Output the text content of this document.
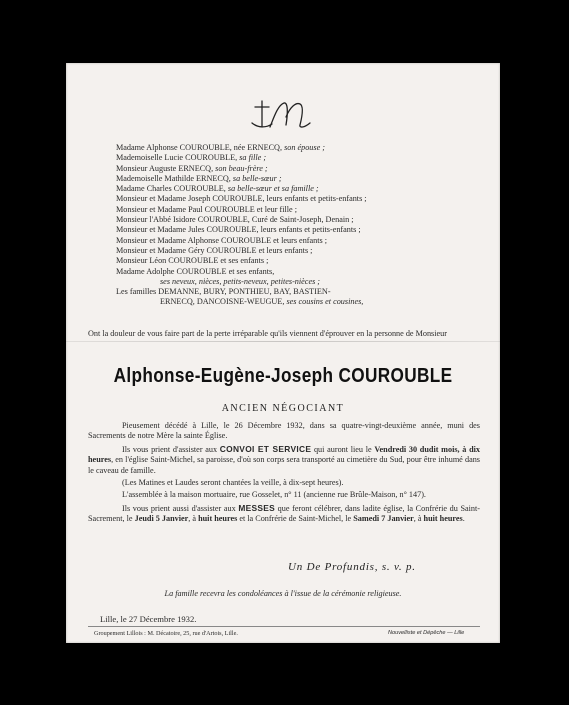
Madame Alphonse COUROUBLE, née ERNECQ, son épouse ;
Mademoiselle Lucie COUROUBLE, sa fille ;
Monsieur Auguste ERNECQ, son beau-frère ;
Mademoiselle Mathilde ERNECQ, sa belle-sœur ;
Madame Charles COUROUBLE, sa belle-sœur et sa famille ;
Monsieur et Madame Joseph COUROUBLE, leurs enfants et petits-enfants ;
Monsieur et Madame Paul COUROUBLE et leur fille ;
Monsieur l'Abbé Isidore COUROUBLE, Curé de Saint-Joseph, Denain ;
Monsieur et Madame Jules COUROUBLE, leurs enfants et petits-enfants ;
Monsieur et Madame Alphonse COUROUBLE et leurs enfants ;
Monsieur et Madame Géry COUROUBLE et leurs enfants ;
Monsieur Léon COUROUBLE et ses enfants ;
Madame Adolphe COUROUBLE et ses enfants,
ses neveux, nièces, petits-neveux, petites-nièces ;
Les familles DEMANNE, BURY, PONTHIEU, BAY, BASTIEN-
ERNECQ, DANCOISNE-WEUGUE, ses cousins et cousines,
Ont la douleur de vous faire part de la perte irréparable qu'ils viennent d'éprouver en la personne de Monsieur
Alphonse-Eugène-Joseph COUROUBLE
ANCIEN NÉGOCIANT

Pieusement décédé à Lille, le 26 Décembre 1932, dans sa quatre-vingt-deuxième année, muni des Sacrements de notre Mère la sainte Église.

Ils vous prient d'assister aux CONVOI ET SERVICE qui auront lieu le Vendredi 30 dudit mois, à dix heures, en l'église Saint-Michel, sa paroisse, d'où son corps sera transporté au cimetière du Sud, pour être inhumé dans le caveau de famille.

(Les Matines et Laudes seront chantées la veille, à dix-sept heures).

L'assemblée à la maison mortuaire, rue Gosselet, n° 11 (ancienne rue Brûle-Maison, n° 147).

Ils vous prient aussi d'assister aux MESSES que feront célébrer, dans ladite église, la Confrérie du Saint-Sacrement, le Jeudi 5 Janvier, à huit heures et la Confrérie de Saint-Michel, le Samedi 7 Janvier, à huit heures.

Un De Profundis, s. v. p.
La famille recevra les condoléances à l'issue de la cérémonie religieuse.
Lille, le 27 Décembre 1932.
Groupement Lillois : M. Décatoire, 25, rue d'Artois, Lille.	Nouvelliste et Dépêche — Lille
